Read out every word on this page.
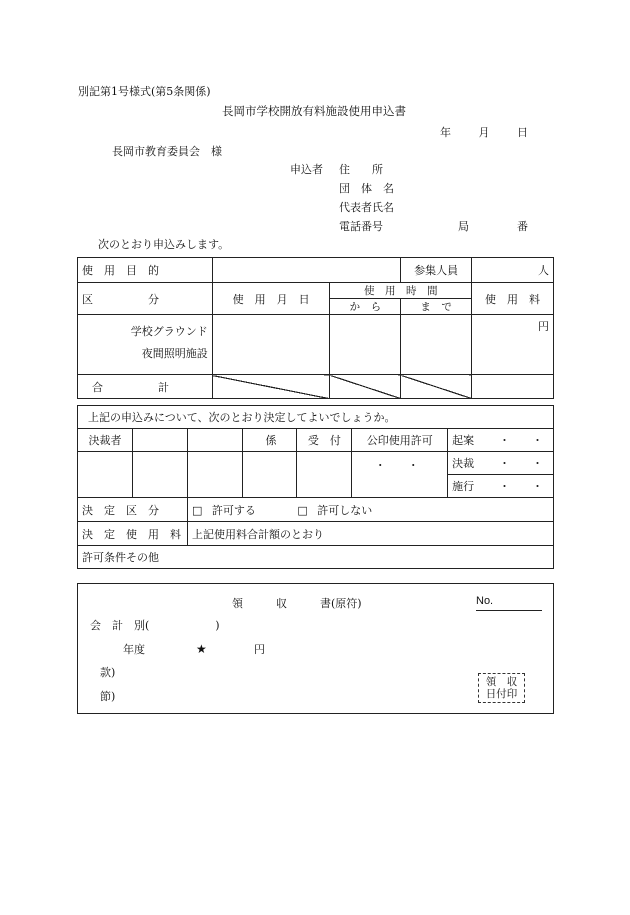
別記第1号様式(第5条関係)
長岡市学校開放有料施設使用申込書
年	月	日
長岡市教育委員会　様
申込者 住　　所
団　体　名
代表者氏名
電話番号	局	番
次のとおり申込みします。
使　用　目　的			参集人員	人
区　　　　　分	使　用　月　日	使　用　時　間		使　用　料
		か　ら	ま　で	

学校グラウンド
夜間照明施設				円
合　　　　　計				
上記の申込みについて、次のとおり決定してよいでしょうか。						
決裁者			係	受　付	公印使用許可	起案 ・ ・

					・ ・	決裁 ・ ・

						施行 ・ ・

決　定　区　分		□ 許可する □ 許可しない				
決　定　使　用　料		上記使用料合計額のとおり				
許可条件その他						
領　　　収　　　書(原符)	No.
会　計　別(　　　　　　)
年度	★	円
款)
節)
領　収
日付印
